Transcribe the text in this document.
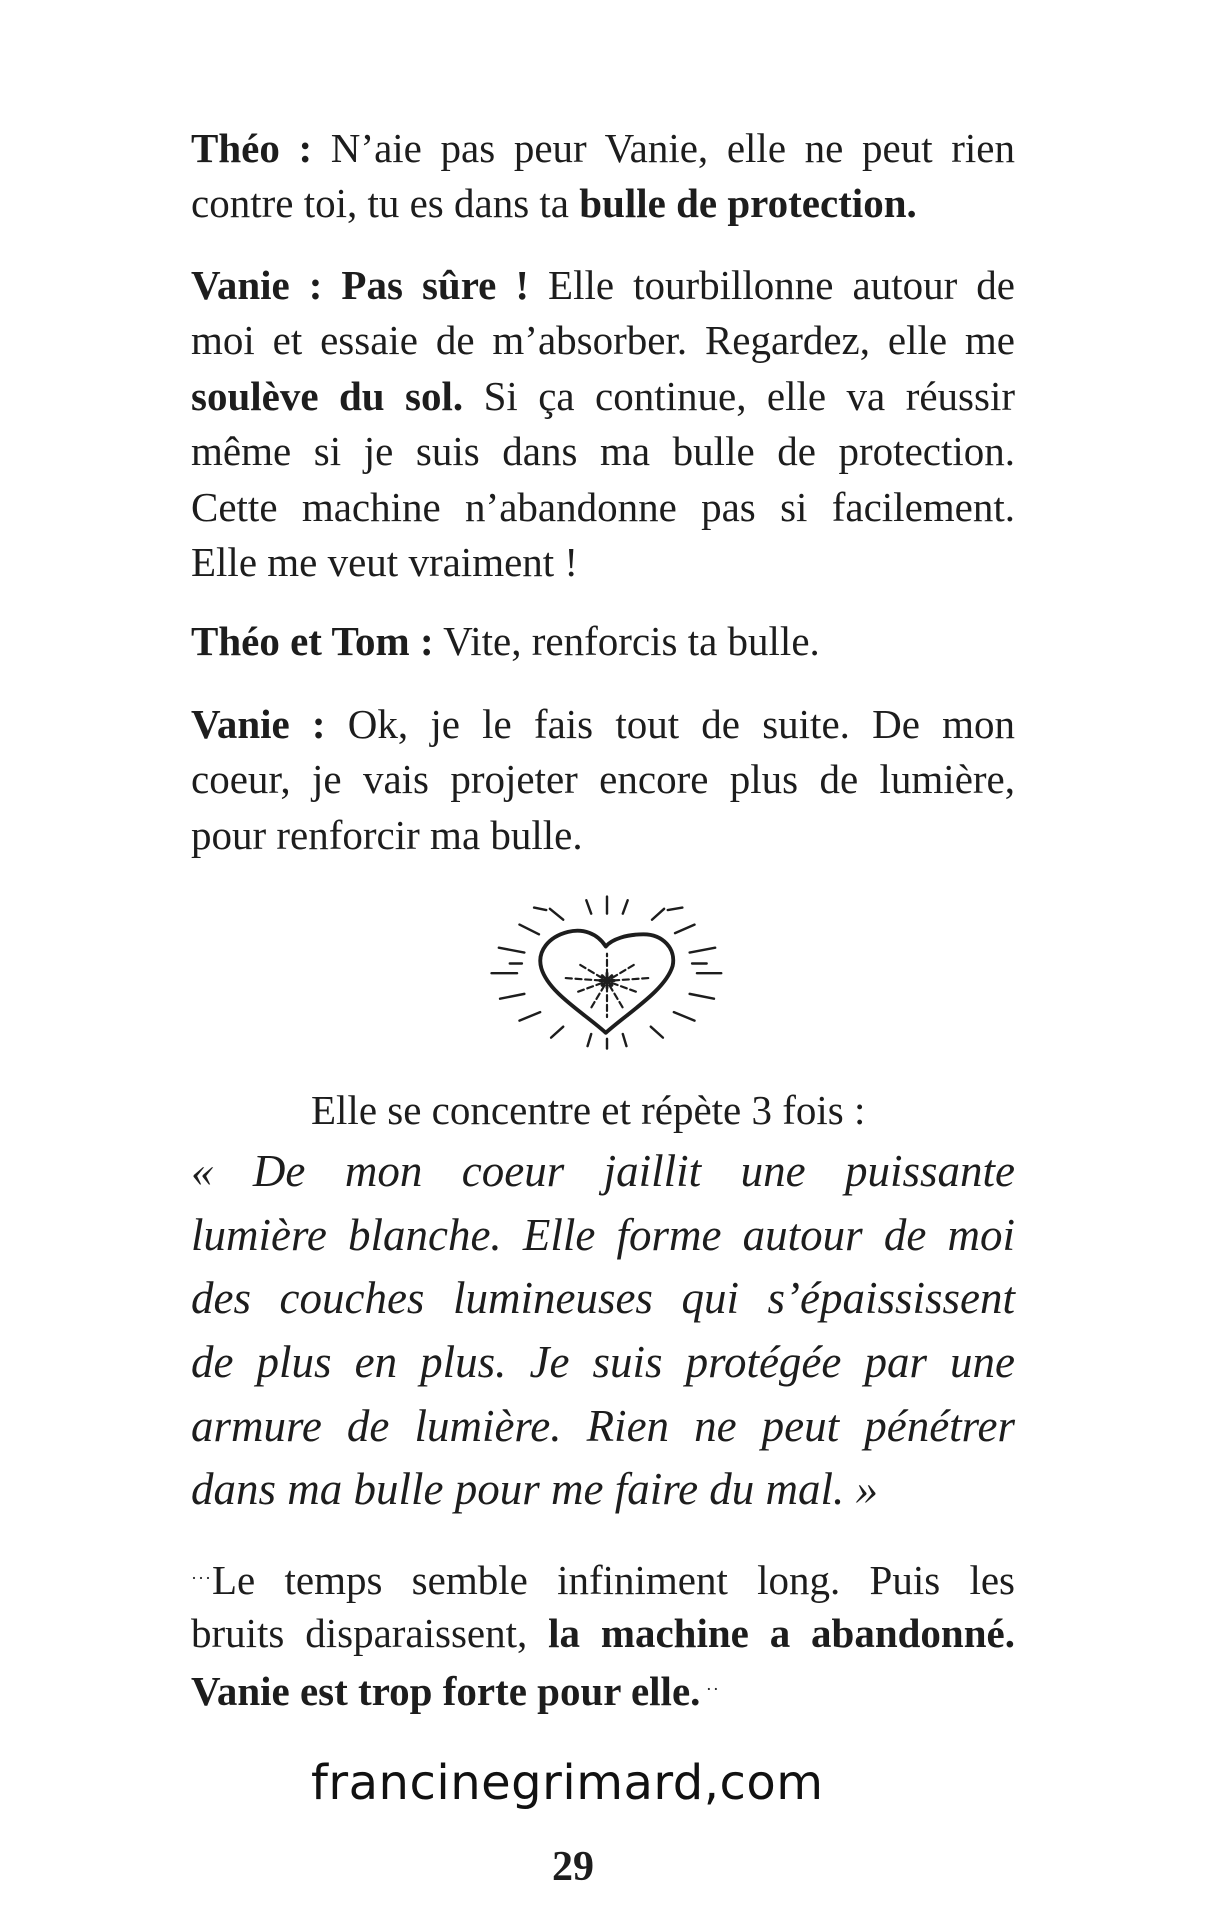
Théo : N’aie pas peur Vanie, elle ne peut rien
contre toi, tu es dans ta bulle de protection.
Vanie : Pas sûre ! Elle tourbillonne autour de
moi et essaie de m’absorber. Regardez, elle me
soulève du sol. Si ça continue, elle va réussir
même si je suis dans ma bulle de protection.
Cette machine n’abandonne pas si facilement.
Elle me veut vraiment !
Théo et Tom : Vite, renforcis ta bulle.
Vanie : Ok, je le fais tout de suite. De mon
coeur, je vais projeter encore plus de lumière,
pour renforcir ma bulle.
Elle se concentre et répète 3 fois :
« De mon coeur jaillit une puissante
lumière blanche. Elle forme autour de moi
des couches lumineuses qui s’épaississent
de plus en plus. Je suis protégée par une
armure de lumière. Rien ne peut pénétrer
dans ma bulle pour me faire du mal. »
···Le temps semble infiniment long. Puis les
bruits disparaissent, la machine a abandonné.
Vanie est trop forte pour elle. ··
francinegrimard,com
29
